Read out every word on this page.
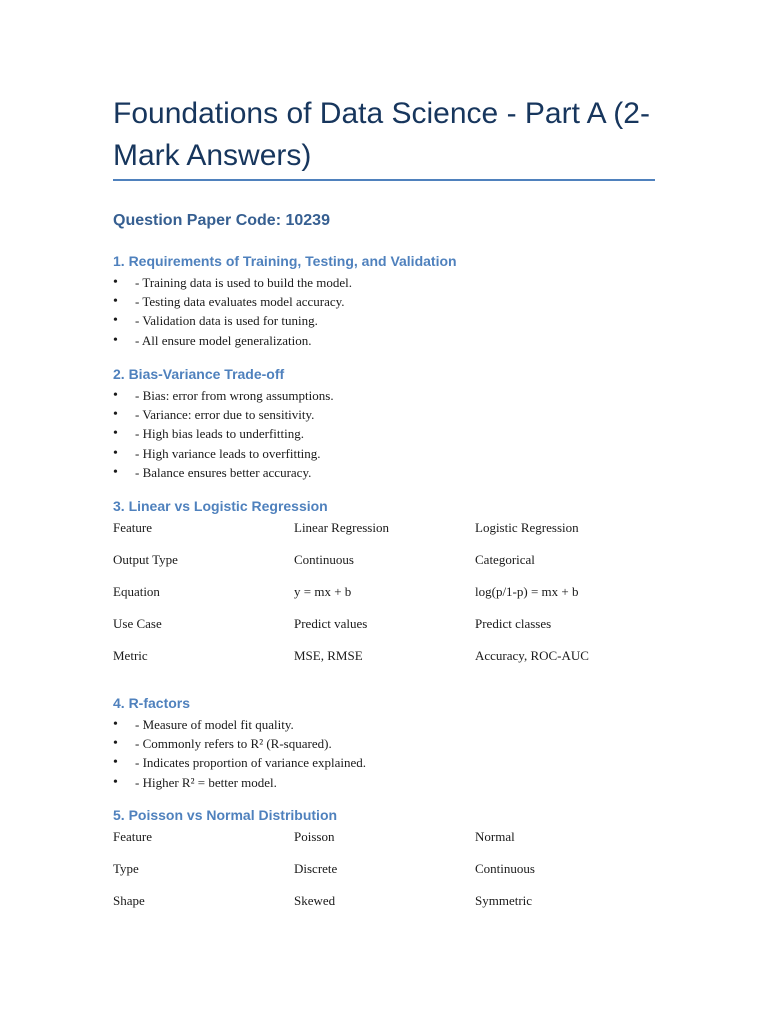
Foundations of Data Science - Part A (2-Mark Answers)

Question Paper Code: 10239

1. Requirements of Training, Testing, and Validation
• - Training data is used to build the model.
• - Testing data evaluates model accuracy.
• - Validation data is used for tuning.
• - All ensure model generalization.
2. Bias-Variance Trade-off
• - Bias: error from wrong assumptions.
• - Variance: error due to sensitivity.
• - High bias leads to underfitting.
• - High variance leads to overfitting.
• - Balance ensures better accuracy.
3. Linear vs Logistic Regression
Feature	Linear Regression	Logistic Regression
Output Type	Continuous	Categorical
Equation	y = mx + b	log(p/1-p) = mx + b
Use Case	Predict values	Predict classes
Metric	MSE, RMSE	Accuracy, ROC-AUC
4. R-factors
• - Measure of model fit quality.
• - Commonly refers to R² (R-squared).
• - Indicates proportion of variance explained.
• - Higher R² = better model.
5. Poisson vs Normal Distribution
Feature	Poisson	Normal
Type	Discrete	Continuous
Shape	Skewed	Symmetric
